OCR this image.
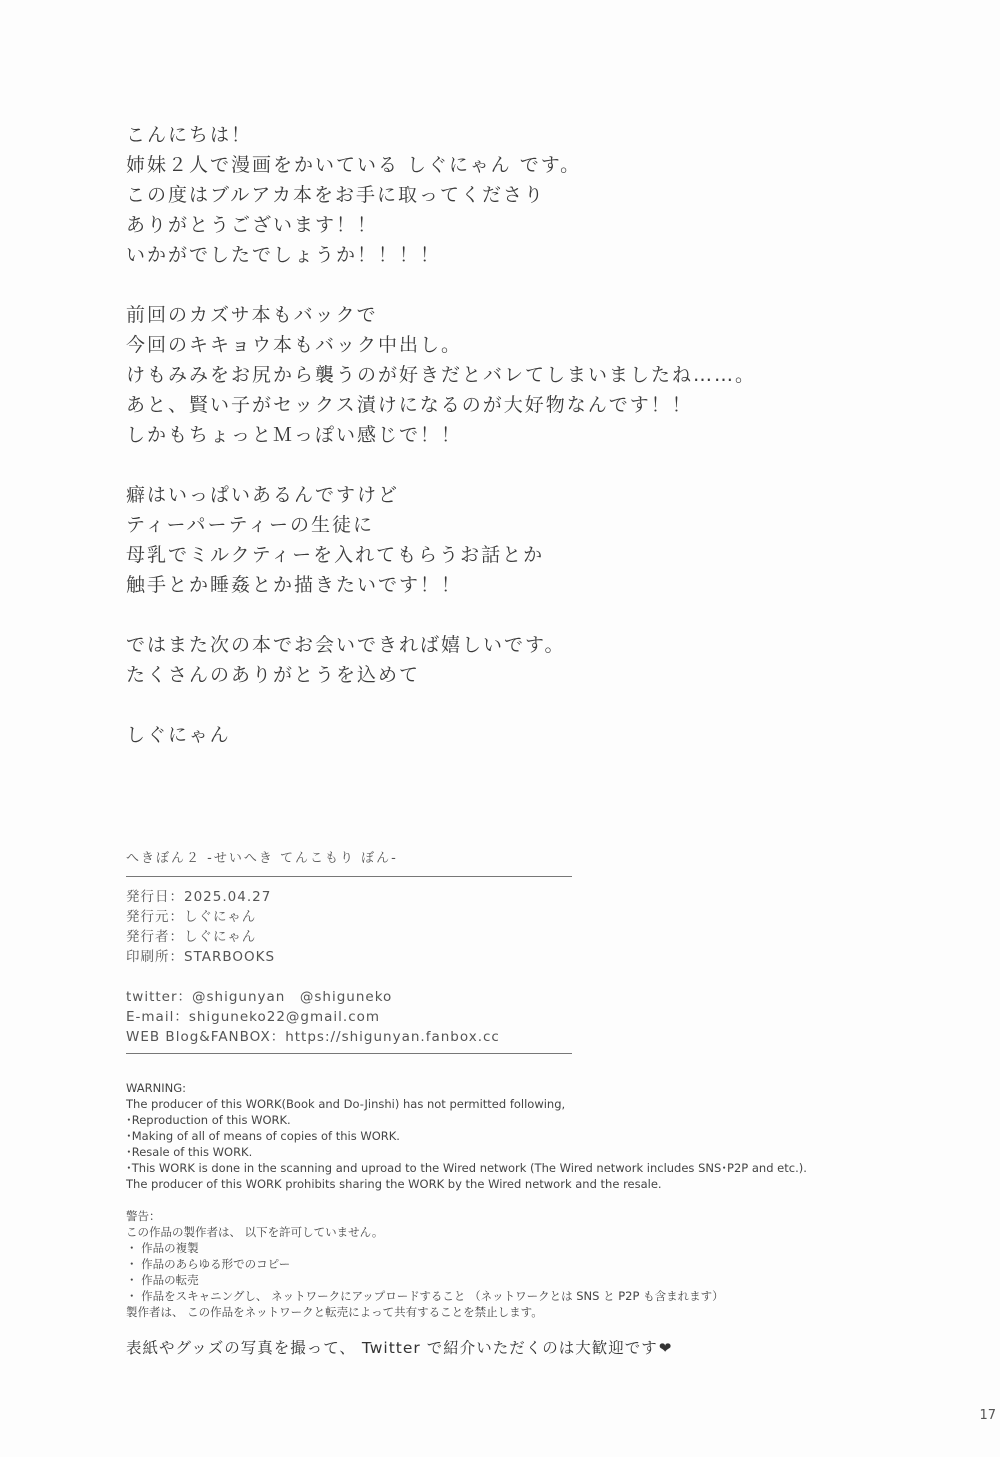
こんにちは！
姉妹２人で漫画をかいている しぐにゃん です。
この度はブルアカ本をお手に取ってくださり
ありがとうございます！！
いかがでしたでしょうか！！！！
前回のカズサ本もバックで
今回のキキョウ本もバック中出し。
けもみみをお尻から襲うのが好きだとバレてしまいましたね……。
あと、賢い子がセックス漬けになるのが大好物なんです！！
しかもちょっとＭっぽい感じで！！
癖はいっぱいあるんですけど
ティーパーティーの生徒に
母乳でミルクティーを入れてもらうお話とか
触手とか睡姦とか描きたいです！！
ではまた次の本でお会いできれば嬉しいです。
たくさんのありがとうを込めて
しぐにゃん
へきぼん２ -せいへき てんこもり ぼん-
発行日：2025.04.27
発行元：しぐにゃん
発行者：しぐにゃん
印刷所：STARBOOKS
twitter：@shigunyan　@shiguneko
E-mail：shiguneko22@gmail.com
WEB Blog&FANBOX：https://shigunyan.fanbox.cc
WARNING:
The producer of this WORK(Book and Do-Jinshi) has not permitted following,
･Reproduction of this WORK.
･Making of all of means of copies of this WORK.
･Resale of this WORK.
･This WORK is done in the scanning and uproad to the Wired network (The Wired network includes SNS･P2P and etc.).
The producer of this WORK prohibits sharing the WORK by the Wired network and the resale.
警告：
この作品の製作者は、 以下を許可していません。
・ 作品の複製
・ 作品のあらゆる形でのコピー
・ 作品の転売
・ 作品をスキャニングし、 ネットワークにアップロードすること （ネットワークとは SNS と P2P も含まれます）
製作者は、 この作品をネットワークと転売によって共有することを禁止します。
表紙やグッズの写真を撮って、 Twitter で紹介いただくのは大歓迎です❤
17
